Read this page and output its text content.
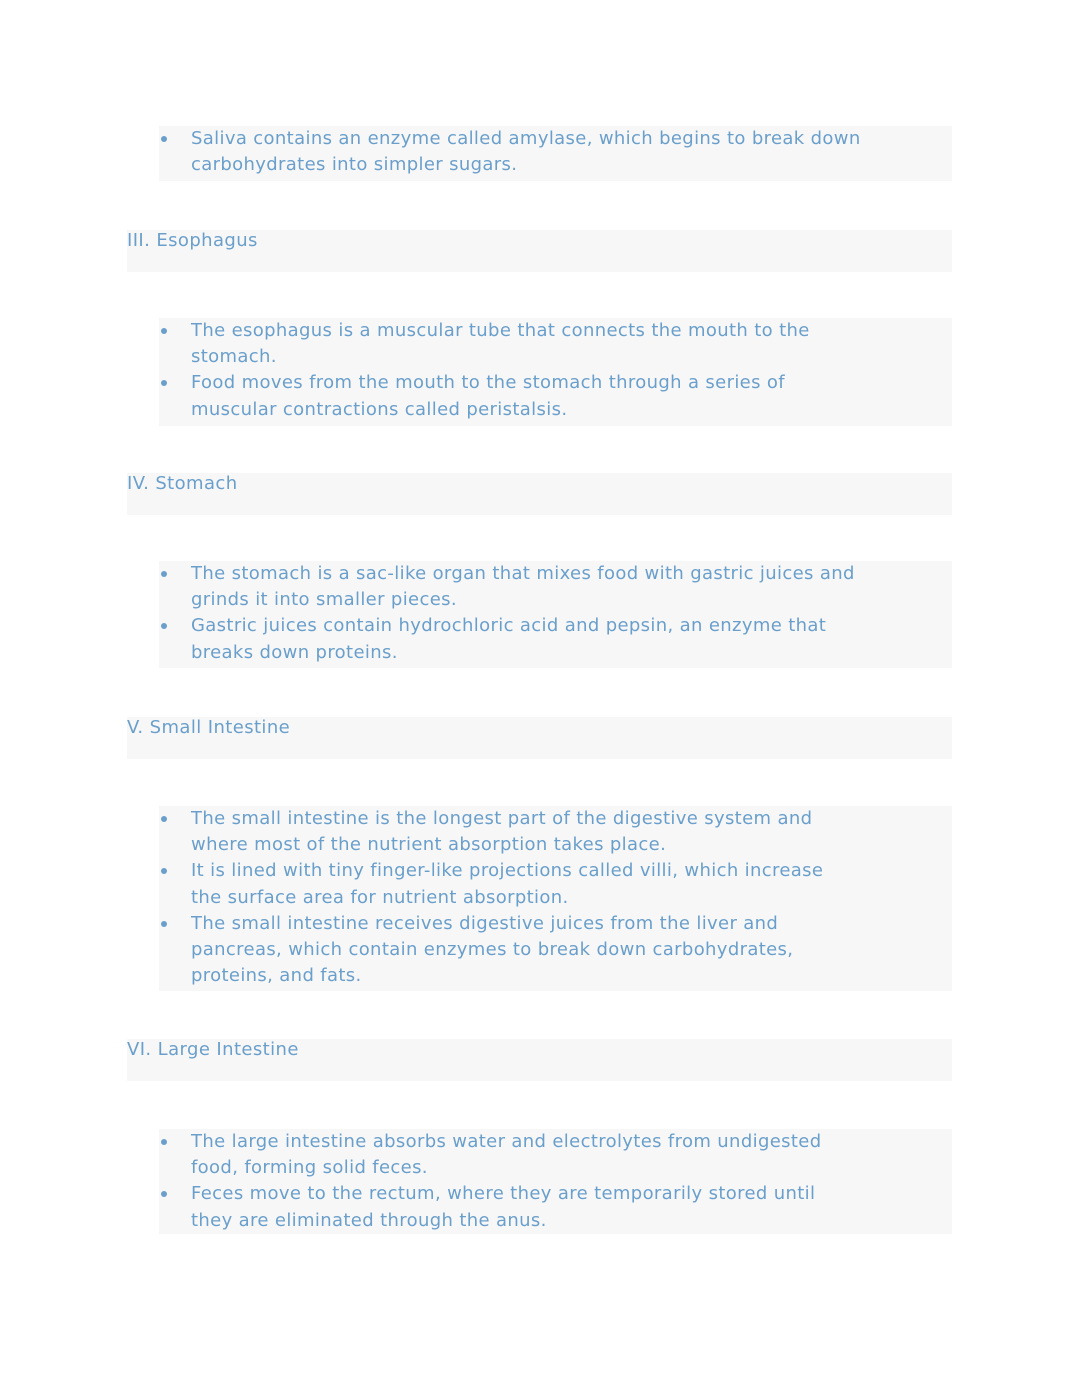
Saliva contains an enzyme called amylase, which begins to break down
carbohydrates into simpler sugars.
III. Esophagus
The esophagus is a muscular tube that connects the mouth to the
stomach.
Food moves from the mouth to the stomach through a series of
muscular contractions called peristalsis.
IV. Stomach
The stomach is a sac-like organ that mixes food with gastric juices and
grinds it into smaller pieces.
Gastric juices contain hydrochloric acid and pepsin, an enzyme that
breaks down proteins.
V. Small Intestine
The small intestine is the longest part of the digestive system and
where most of the nutrient absorption takes place.
It is lined with tiny finger-like projections called villi, which increase
the surface area for nutrient absorption.
The small intestine receives digestive juices from the liver and
pancreas, which contain enzymes to break down carbohydrates,
proteins, and fats.
VI. Large Intestine
The large intestine absorbs water and electrolytes from undigested
food, forming solid feces.
Feces move to the rectum, where they are temporarily stored until
they are eliminated through the anus.
